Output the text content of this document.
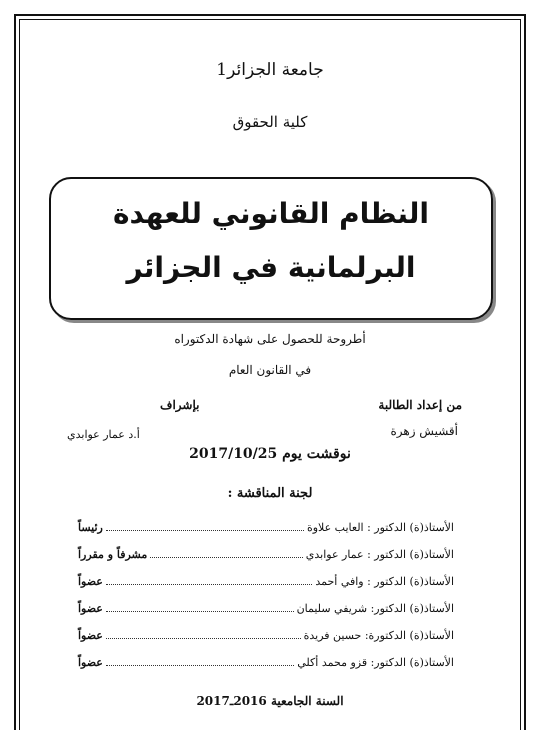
جامعة الجزائر1
كلية الحقوق
النظام القانوني للعهدة
البرلمانية في الجزائر
أطروحة للحصول على شهادة الدكتوراه
في القانون العام
من إعداد الطالبة
بإشراف
أقشيش زهرة
أ.د عمار عوابدي
نوقشت يوم 2017/10/25
لجنة المناقشة :
الأستاذ(ة) الدكتور : العايب علاوة
رئيساً
الأستاذ(ة) الدكتور : عمار عوابدي
مشرفاً و مقرراً
الأستاذ(ة) الدكتور : وافي أحمد
عضواً
الأستاذ(ة) الدكتور: شريفي سليمان
عضواً
الأستاذ(ة) الدكتورة: حسين فريدة
عضواً
الأستاذ(ة) الدكتور: قزو محمد أكلي
عضواً
السنة الجامعية 2016ـ2017
